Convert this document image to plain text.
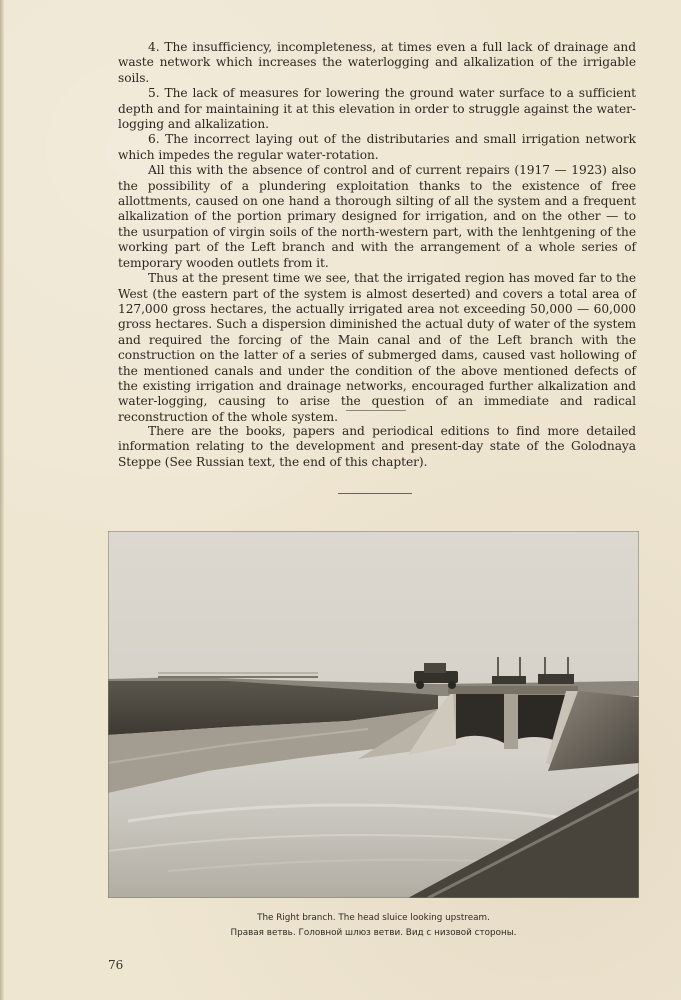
4. The insufficiency, incompleteness, at times even a full lack of drainage and waste network which increases the waterlogging and alkalization of the irrigable soils.

5. The lack of measures for lowering the ground water surface to a sufficient depth and for maintaining it at this elevation in order to struggle against the water-logging and alkalization.

6. The incorrect laying out of the distributaries and small irrigation network which impedes the regular water-rotation.

All this with the absence of control and of current repairs (1917 — 1923) also the possibility of a plundering exploitation thanks to the existence of free allottments, caused on one hand a thorough silting of all the system and a frequent alkalization of the portion primary designed for irrigation, and on the other — to the usurpation of virgin soils of the north-western part, with the lenhtgening of the working part of the Left branch and with the arrangement of a whole series of temporary wooden outlets from it.

Thus at the present time we see, that the irrigated region has moved far to the West (the eastern part of the system is almost deserted) and covers a total area of 127,000 gross hectares, the actually irrigated area not exceeding 50,000 — 60,000 gross hectares. Such a dispersion diminished the actual duty of water of the system and required the forcing of the Main canal and of the Left branch with the construction on the latter of a series of submerged dams, caused vast hollowing of the mentioned canals and under the condition of the above mentioned defects of the existing irrigation and drainage networks, encouraged further alkalization and water-logging, causing to arise the question of an immediate and radical reconstruction of the whole system.

There are the books, papers and periodical editions to find more detailed information relating to the development and present-day state of the Golodnaya Steppe (See Russian text, the end of this chapter).

The Right branch. The head sluice looking upstream.
Правая ветвь. Головной шлюз ветви. Вид с низовой стороны.
76
